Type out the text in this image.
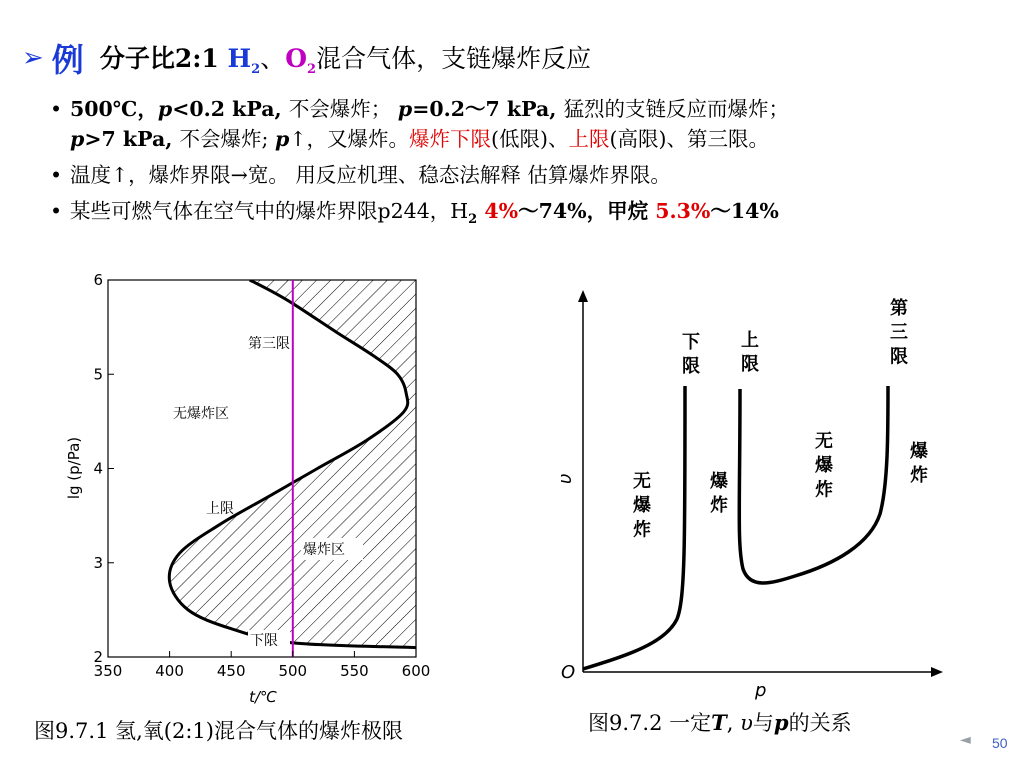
➢ 例 分子比2:1 $H_2$、$O_2$混合气体，支链爆炸反应
• 500℃，p<0.2 kPa, 不会爆炸； p=0.2～7 kPa, 猛烈的支链反应而爆炸；
p>7 kPa, 不会爆炸; p↑，又爆炸。爆炸下限(低限)、上限(高限)、第三限。
• 温度↑，爆炸界限→宽。 用反应机理、稳态法解释 估算爆炸界限。
• 某些可燃气体在空气中的爆炸界限p244，$H_2$ 4%～74%，甲烷 5.3%～14%
350 400 450 500 550 600
2
3
4
5
6
t/℃
lg (p/Pa)
第三限
无爆炸区
上限
爆炸区
下限
O
p
υ
下限
上限
第三限
无爆炸
爆炸
无爆炸
爆炸
图9.7.1 氢,氧(2:1)混合气体的爆炸极限	图9.7.2 一定T, υ与p的关系
◄ 50
